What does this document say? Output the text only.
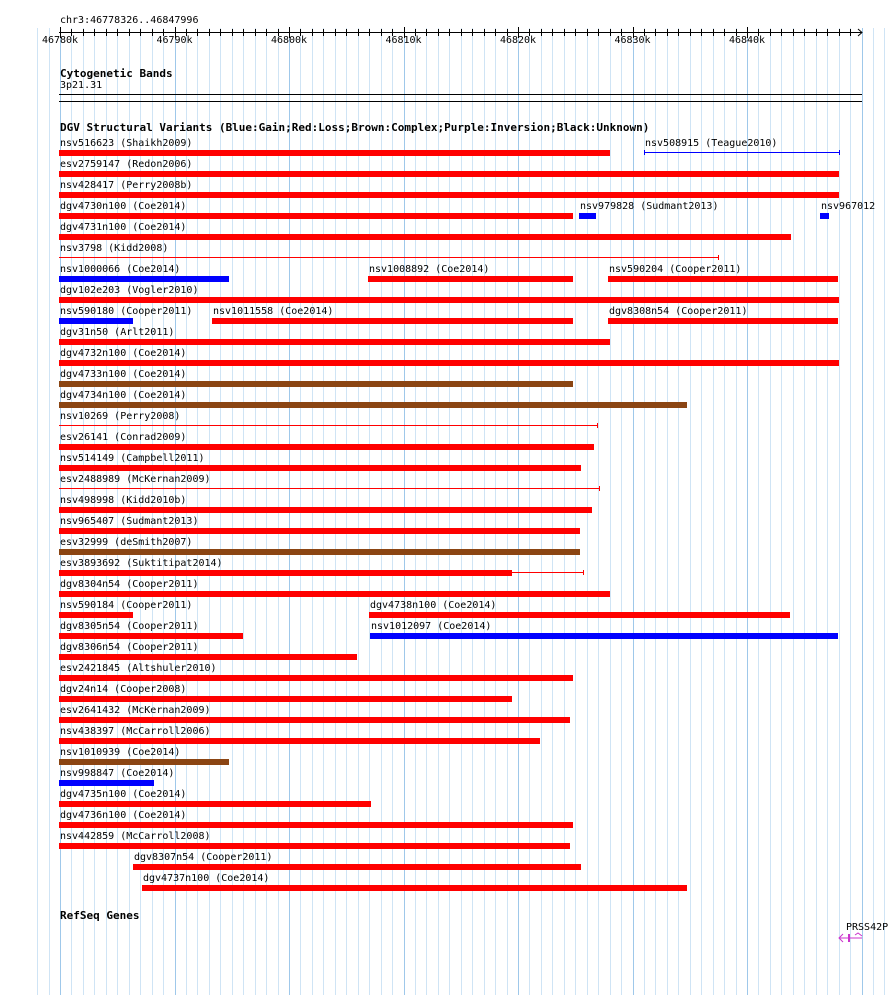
chr3:46778326..46847996
46780k	46790k	46800k	46810k	46820k	46830k	46840k
Cytogenetic Bands
3p21.31
DGV Structural Variants (Blue:Gain;Red:Loss;Brown:Complex;Purple:Inversion;Black:Unknown)
nsv516623 (Shaikh2009)	nsv508915 (Teague2010)
esv2759147 (Redon2006)
nsv428417 (Perry2008b)
dgv4730n100 (Coe2014)	nsv979828 (Sudmant2013)	nsv967012
dgv4731n100 (Coe2014)
nsv3798 (Kidd2008)
nsv1000066 (Coe2014)	nsv1008892 (Coe2014)	nsv590204 (Cooper2011)
dgv102e203 (Vogler2010)
nsv590180 (Cooper2011) nsv1011558 (Coe2014)	dgv8308n54 (Cooper2011)
dgv31n50 (Arlt2011)
dgv4732n100 (Coe2014)
dgv4733n100 (Coe2014)
dgv4734n100 (Coe2014)
nsv10269 (Perry2008)
esv26141 (Conrad2009)
nsv514149 (Campbell2011)
esv2488989 (McKernan2009)
nsv498998 (Kidd2010b)
nsv965407 (Sudmant2013)
esv32999 (deSmith2007)
esv3893692 (Suktitipat2014)
dgv8304n54 (Cooper2011)
nsv590184 (Cooper2011)	dgv4738n100 (Coe2014)
dgv8305n54 (Cooper2011)	nsv1012097 (Coe2014)
dgv8306n54 (Cooper2011)
esv2421845 (Altshuler2010)
dgv24n14 (Cooper2008)
esv2641432 (McKernan2009)
nsv438397 (McCarroll2006)
nsv1010939 (Coe2014)
nsv998847 (Coe2014)
dgv4735n100 (Coe2014)
dgv4736n100 (Coe2014)
nsv442859 (McCarroll2008)
dgv8307n54 (Cooper2011)
dgv4737n100 (Coe2014)
RefSeq Genes
PRSS42P
